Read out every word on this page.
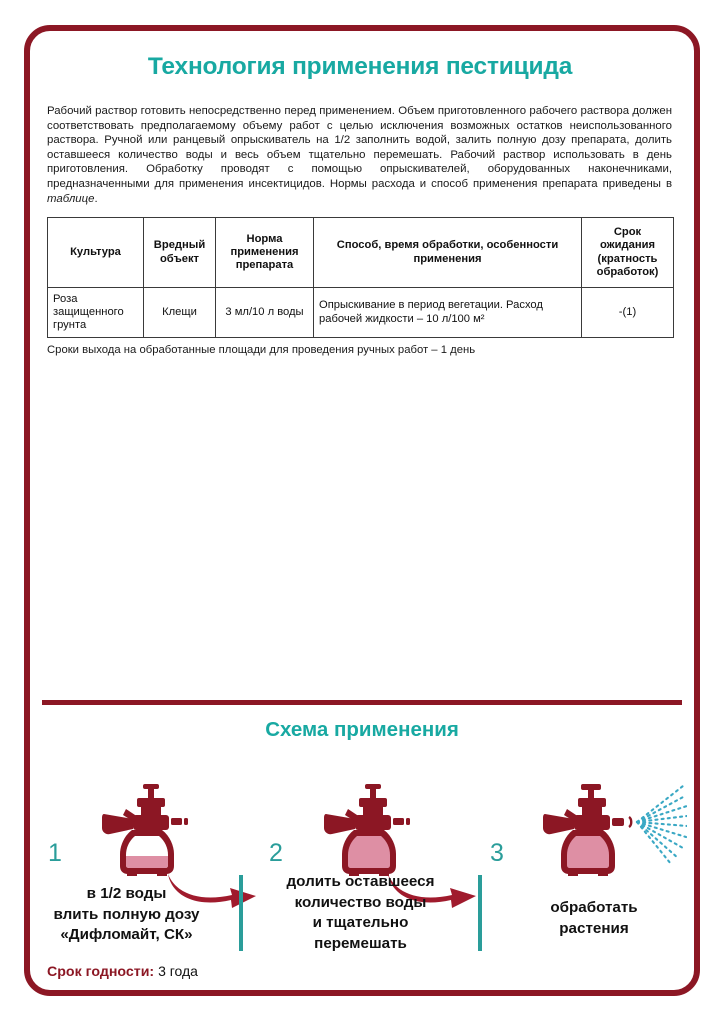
Технология применения пестицида

Рабочий раствор готовить непосредственно перед применением. Объем приготовленного рабочего раствора должен соответствовать предполагаемому объему работ с целью исключения возможных остатков неиспользованного раствора. Ручной или ранцевый опрыскиватель на 1/2 заполнить водой, залить полную дозу препарата, долить оставшееся количество воды и весь объем тщательно перемешать. Рабочий раствор использовать в день приготовления. Обработку проводят с помощью опрыскивателей, оборудованных наконечниками, предназначенными для применения инсектицидов. Нормы расхода и способ применения препарата приведены в таблице.

Культура	Вредный объект	Норма применения препарата	Способ, время обработки, особенности применения	Срок ожидания (кратность обработок)
Роза защищенного грунта	Клещи	3 мл/10 л воды	Опрыскивание в период вегетации. Расход рабочей жидкости – 10 л/100 м²	-(1)
Сроки выхода на обработанные площади для проведения ручных работ – 1 день
Схема применения
1	2	3
в 1/2 воды
влить полную дозу
«Дифломайт, СК»
долить оставшееся
количество воды
и тщательно
перемешать
обработать
растения
Срок годности: 3 года
